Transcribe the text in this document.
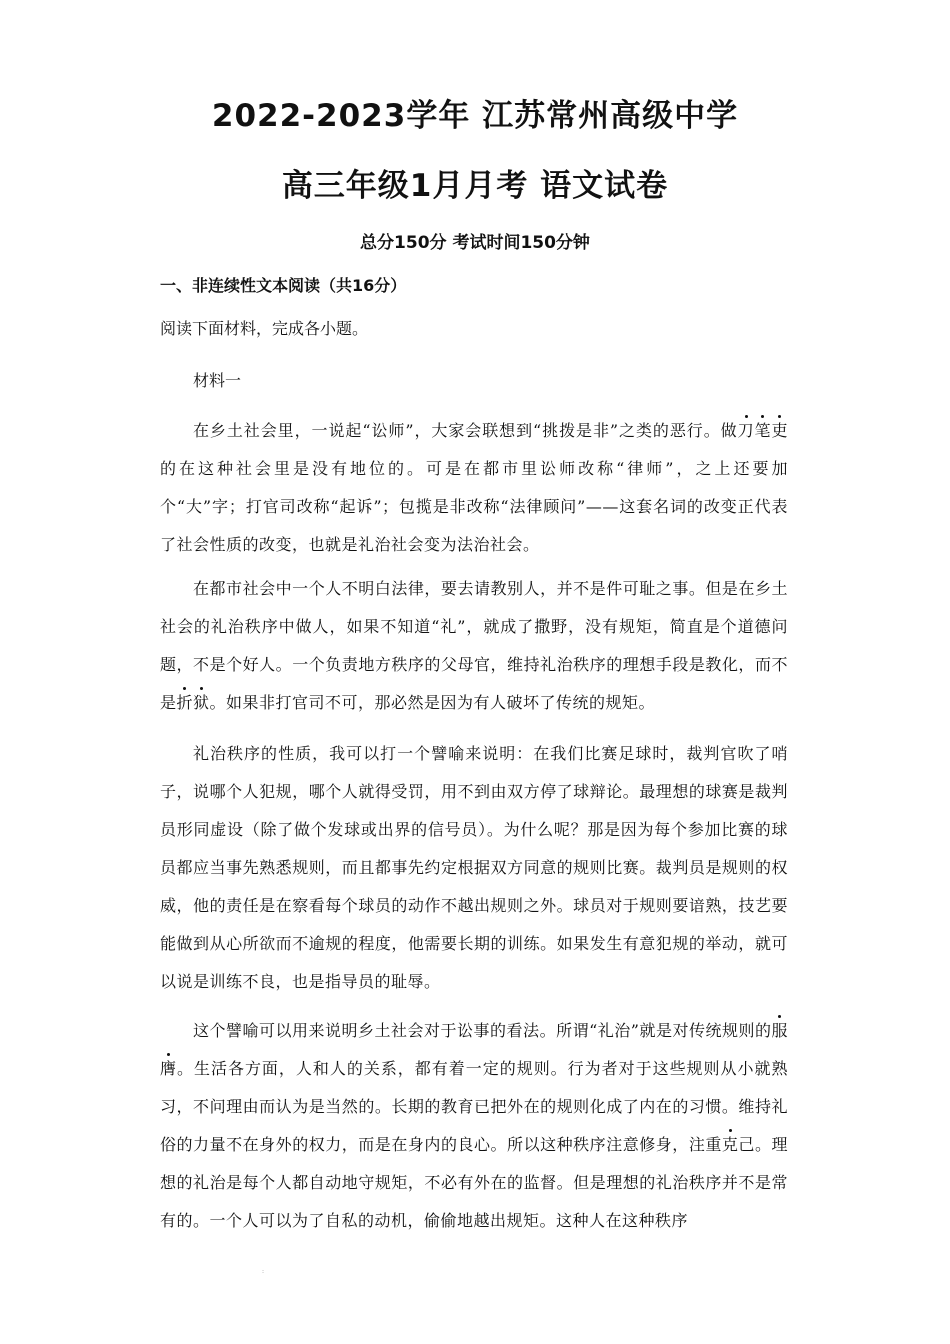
2022-2023学年 江苏常州高级中学
高三年级1月月考 语文试卷

总分150分 考试时间150分钟

一、非连续性文本阅读（共16分）

阅读下面材料，完成各小题。

材料一

在乡土社会里，一说起“讼师”，大家会联想到“挑拨是非”之类的恶行。做刀笔吏的在这种社会里是没有地位的。可是在都市里讼师改称“律师”，之上还要加个“大”字；打官司改称“起诉”；包揽是非改称“法律顾问”——这套名词的改变正代表了社会性质的改变，也就是礼治社会变为法治社会。

在都市社会中一个人不明白法律，要去请教别人，并不是件可耻之事。但是在乡土社会的礼治秩序中做人，如果不知道“礼”，就成了撒野，没有规矩，简直是个道德问题，不是个好人。一个负责地方秩序的父母官，维持礼治秩序的理想手段是教化，而不是折狱。如果非打官司不可，那必然是因为有人破坏了传统的规矩。

礼治秩序的性质，我可以打一个譬喻来说明：在我们比赛足球时，裁判官吹了哨子，说哪个人犯规，哪个人就得受罚，用不到由双方停了球辩论。最理想的球赛是裁判员形同虚设（除了做个发球或出界的信号员）。为什么呢？那是因为每个参加比赛的球员都应当事先熟悉规则，而且都事先约定根据双方同意的规则比赛。裁判员是规则的权威，他的责任是在察看每个球员的动作不越出规则之外。球员对于规则要谙熟，技艺要能做到从心所欲而不逾规的程度，他需要长期的训练。如果发生有意犯规的举动，就可以说是训练不良，也是指导员的耻辱。

这个譬喻可以用来说明乡土社会对于讼事的看法。所谓“礼治”就是对传统规则的服膺。生活各方面，人和人的关系，都有着一定的规则。行为者对于这些规则从小就熟习，不问理由而认为是当然的。长期的教育已把外在的规则化成了内在的习惯。维持礼俗的力量不在身外的权力，而是在身内的良心。所以这种秩序注意修身，注重克己。理想的礼治是每个人都自动地守规矩，不必有外在的监督。但是理想的礼治秩序并不是常有的。一个人可以为了自私的动机，偷偷地越出规矩。这种人在这种秩序

:
